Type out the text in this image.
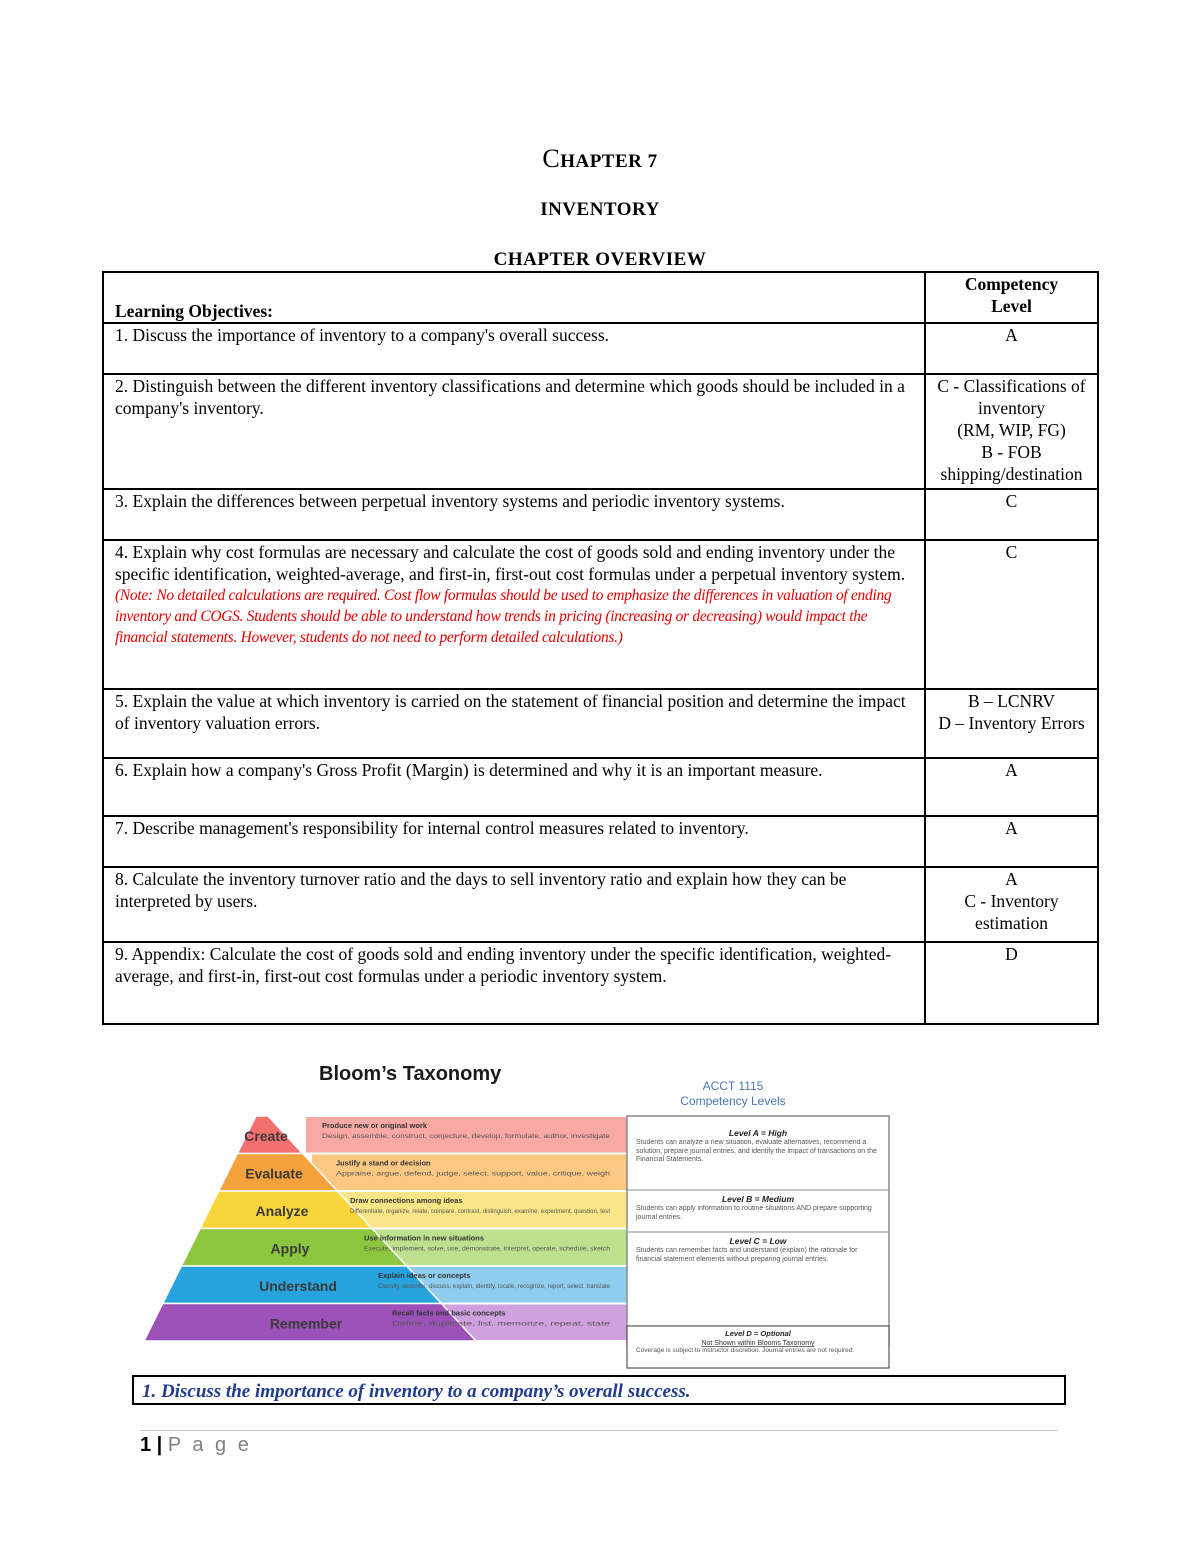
CHAPTER 7
INVENTORY
CHAPTER OVERVIEW
Learning Objectives:	Competency
Level

1. Discuss the importance of inventory to a company's overall success.	A

2. Distinguish between the different inventory classifications and determine which goods should be included in a company's inventory.	C - Classifications of inventory
(RM, WIP, FG)
B - FOB shipping/destination

3. Explain the differences between perpetual inventory systems and periodic inventory systems.	C

4. Explain why cost formulas are necessary and calculate the cost of goods sold and ending inventory under the specific identification, weighted-average, and first-in, first-out cost formulas under a perpetual inventory system.
(Note: No detailed calculations are required. Cost flow formulas should be used to emphasize the differences in valuation of ending inventory and COGS. Students should be able to understand how trends in pricing (increasing or decreasing) would impact the financial statements. However, students do not need to perform detailed calculations.)	C

5. Explain the value at which inventory is carried on the statement of financial position and determine the impact of inventory valuation errors.	B – LCNRV
D – Inventory Errors

6. Explain how a company's Gross Profit (Margin) is determined and why it is an important measure.	A

7. Describe management's responsibility for internal control measures related to inventory.	A

8. Calculate the inventory turnover ratio and the days to sell inventory ratio and explain how they can be interpreted by users.	A
C - Inventory estimation

9. Appendix: Calculate the cost of goods sold and ending inventory under the specific identification, weighted-average, and first-in, first-out cost formulas under a periodic inventory system.	D
Bloom’s Taxonomy
ACCT 1115
Competency Levels
Create
Produce new or original work
Design, assemble, construct, conjecture, develop, formulate, author, investigate
Evaluate
Justify a stand or decision
Appraise, argue, defend, judge, select, support, value, critique, weigh
Analyze
Draw connections among ideas
Differentiate, organize, relate, compare, contrast, distinguish, examine, experiment, question, test
Apply
Use information in new situations
Execute, implement, solve, use, demonstrate, interpret, operate, schedule, sketch
Understand
Explain ideas or concepts
Classify, describe, discuss, explain, identify, locate, recognize, report, select, translate
Remember
Recall facts and basic concepts
Define, duplicate, list, memorize, repeat, state
Level A = High
Students can analyze a new situation, evaluate alternatives, recommend a solution, prepare journal entries, and identify the impact of transactions on the Financial Statements.
Level B = Medium
Students can apply information to routine situations AND prepare supporting journal entries.
Level C = Low
Students can remember facts and understand (explain) the rationale for financial statement elements without preparing journal entries.
Level D = Optional
Not Shown within Blooms Taxonomy
Coverage is subject to instructor discretion. Journal entries are not required.
1. Discuss the importance of inventory to a company’s overall success.
1 | P a g e
